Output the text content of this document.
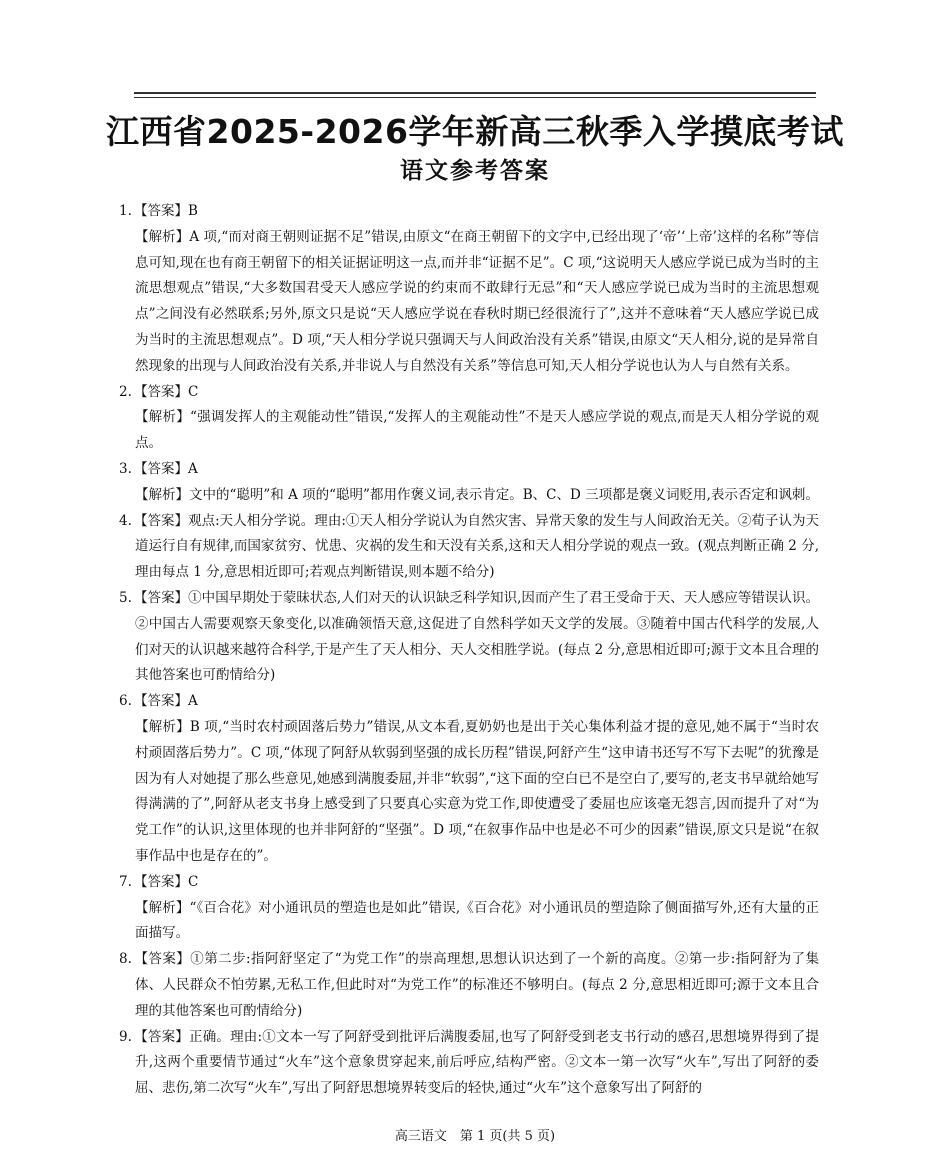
江西省2025-2026学年新高三秋季入学摸底考试
语文参考答案
1. 【答案】B
【解析】A 项,“而对商王朝则证据不足”错误,由原文“在商王朝留下的文字中,已经出现了‘帝’‘上帝’这样的名称”等信息可知,现在也有商王朝留下的相关证据证明这一点,而并非“证据不足”。C 项,“这说明天人感应学说已成为当时的主流思想观点”错误,“大多数国君受天人感应学说的约束而不敢肆行无忌”和“天人感应学说已成为当时的主流思想观点”之间没有必然联系;另外,原文只是说“天人感应学说在春秋时期已经很流行了”,这并不意味着“天人感应学说已成为当时的主流思想观点”。D 项,“天人相分学说只强调天与人间政治没有关系”错误,由原文“天人相分,说的是异常自然现象的出现与人间政治没有关系,并非说人与自然没有关系”等信息可知,天人相分学说也认为人与自然有关系。
2. 【答案】C
【解析】“强调发挥人的主观能动性”错误,“发挥人的主观能动性”不是天人感应学说的观点,而是天人相分学说的观点。
3. 【答案】A
【解析】文中的“聪明”和 A 项的“聪明”都用作褒义词,表示肯定。B、C、D 三项都是褒义词贬用,表示否定和讽刺。
4. 【答案】观点:天人相分学说。理由:①天人相分学说认为自然灾害、异常天象的发生与人间政治无关。②荀子认为天道运行自有规律,而国家贫穷、忧患、灾祸的发生和天没有关系,这和天人相分学说的观点一致。(观点判断正确 2 分,理由每点 1 分,意思相近即可;若观点判断错误,则本题不给分)
5. 【答案】①中国早期处于蒙昧状态,人们对天的认识缺乏科学知识,因而产生了君王受命于天、天人感应等错误认识。②中国古人需要观察天象变化,以准确领悟天意,这促进了自然科学如天文学的发展。③随着中国古代科学的发展,人们对天的认识越来越符合科学,于是产生了天人相分、天人交相胜学说。(每点 2 分,意思相近即可;源于文本且合理的其他答案也可酌情给分)
6. 【答案】A
【解析】B 项,“当时农村顽固落后势力”错误,从文本看,夏奶奶也是出于关心集体利益才提的意见,她不属于“当时农村顽固落后势力”。C 项,“体现了阿舒从软弱到坚强的成长历程”错误,阿舒产生“这申请书还写不写下去呢”的犹豫是因为有人对她提了那么些意见,她感到满腹委屈,并非“软弱”,“这下面的空白已不是空白了,要写的,老支书早就给她写得满满的了”,阿舒从老支书身上感受到了只要真心实意为党工作,即使遭受了委屈也应该毫无怨言,因而提升了对“为党工作”的认识,这里体现的也并非阿舒的“坚强”。D 项,“在叙事作品中也是必不可少的因素”错误,原文只是说“在叙事作品中也是存在的”。
7. 【答案】C
【解析】“《百合花》对小通讯员的塑造也是如此”错误,《百合花》对小通讯员的塑造除了侧面描写外,还有大量的正面描写。
8. 【答案】①第二步:指阿舒坚定了“为党工作”的崇高理想,思想认识达到了一个新的高度。②第一步:指阿舒为了集体、人民群众不怕劳累,无私工作,但此时对“为党工作”的标准还不够明白。(每点 2 分,意思相近即可;源于文本且合理的其他答案也可酌情给分)
9. 【答案】正确。理由:①文本一写了阿舒受到批评后满腹委屈,也写了阿舒受到老支书行动的感召,思想境界得到了提升,这两个重要情节通过“火车”这个意象贯穿起来,前后呼应,结构严密。②文本一第一次写“火车”,写出了阿舒的委屈、悲伤,第二次写“火车”,写出了阿舒思想境界转变后的轻快,通过“火车”这个意象写出了阿舒的
高三语文　第 1 页(共 5 页)
